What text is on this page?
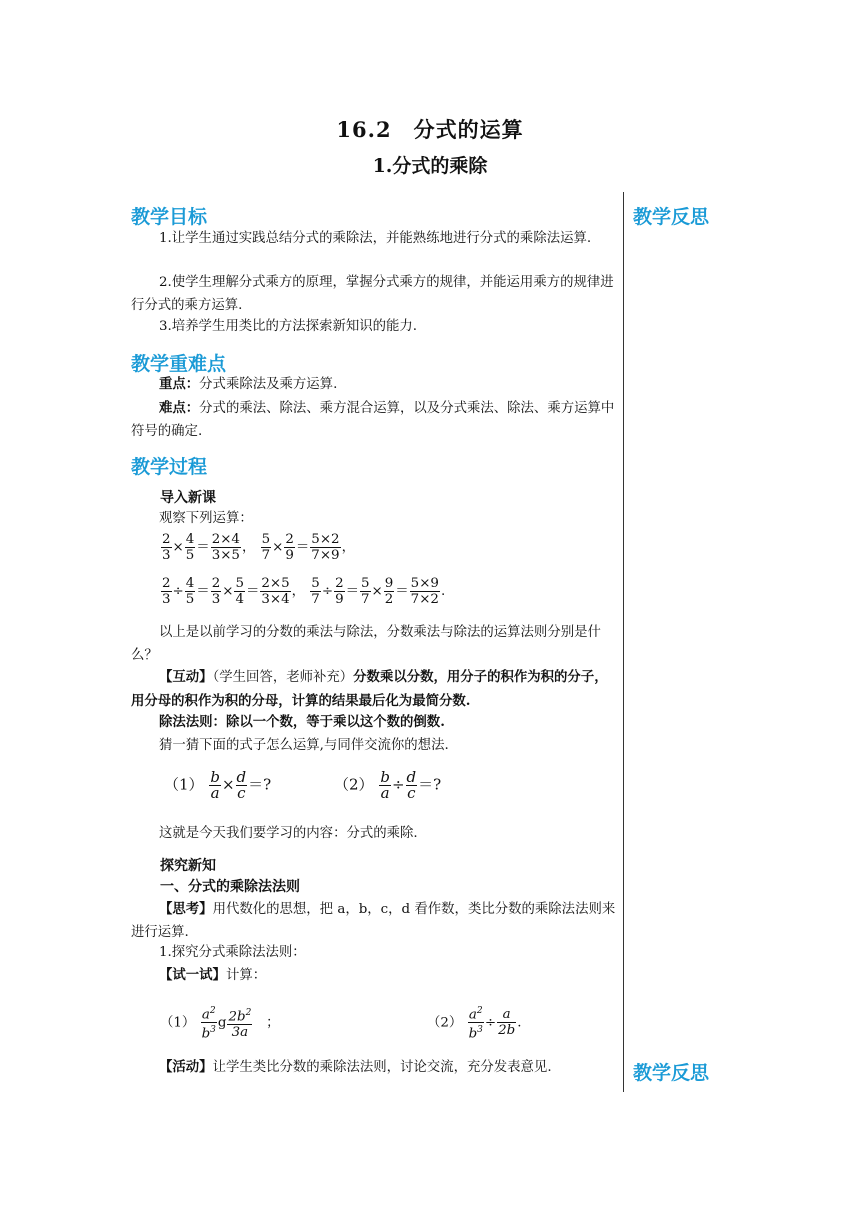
16.2　分式的运算
1.分式的乘除
教学反思
教学反思
教学目标
1.让学生通过实践总结分式的乘除法，并能熟练地进行分式的乘除法运算.
2.使学生理解分式乘方的原理，掌握分式乘方的规律，并能运用乘方的规律进行分式的乘方运算.
3.培养学生用类比的方法探索新知识的能力.
教学重难点
重点：分式乘除法及乘方运算.
难点：分式的乘法、除法、乘方混合运算，以及分式乘法、除法、乘方运算中符号的确定.
教学过程
导入新课
观察下列运算：
$\frac{2}{3} \times \frac{4}{5} = \frac{2\times 4}{3\times 5}$ ， $\frac{5}{7} \times \frac{2}{9} = \frac{5\times 2}{7\times 9}$ ，
$\frac{2}{3} \div \frac{4}{5} = \frac{2}{3} \times \frac{5}{4} = \frac{2\times 5}{3\times 4}$ ， $\frac{5}{7} \div \frac{2}{9} = \frac{5}{7} \times \frac{9}{2} = \frac{5\times 9}{7\times 2}$ .
以上是以前学习的分数的乘法与除法，分数乘法与除法的运算法则分别是什么？
【互动】（学生回答，老师补充）分数乘以分数，用分子的积作为积的分子，用分母的积作为积的分母，计算的结果最后化为最简分数.
除法法则：除以一个数，等于乘以这个数的倒数.
猜一猜下面的式子怎么运算,与同伴交流你的想法.
$(1) \frac{b}{a} \times \frac{d}{c}$ ＝?	$(2) \frac{b}{a} \div \frac{d}{c}$ ＝?
这就是今天我们要学习的内容：分式的乘除.
探究新知
一、分式的乘除法法则
【思考】用代数化的思想，把 a，b，c，d 看作数，类比分数的乘除法法则来进行运算.
1.探究分式乘除法法则：
【试一试】计算：
$(1) \frac{a^2}{b^3}$ g $\frac{2b^2}{3a}$ ；	$(2) \frac{a^2}{b^3} \div \frac{a}{2b}$ .
【活动】让学生类比分数的乘除法法则，讨论交流，充分发表意见.
